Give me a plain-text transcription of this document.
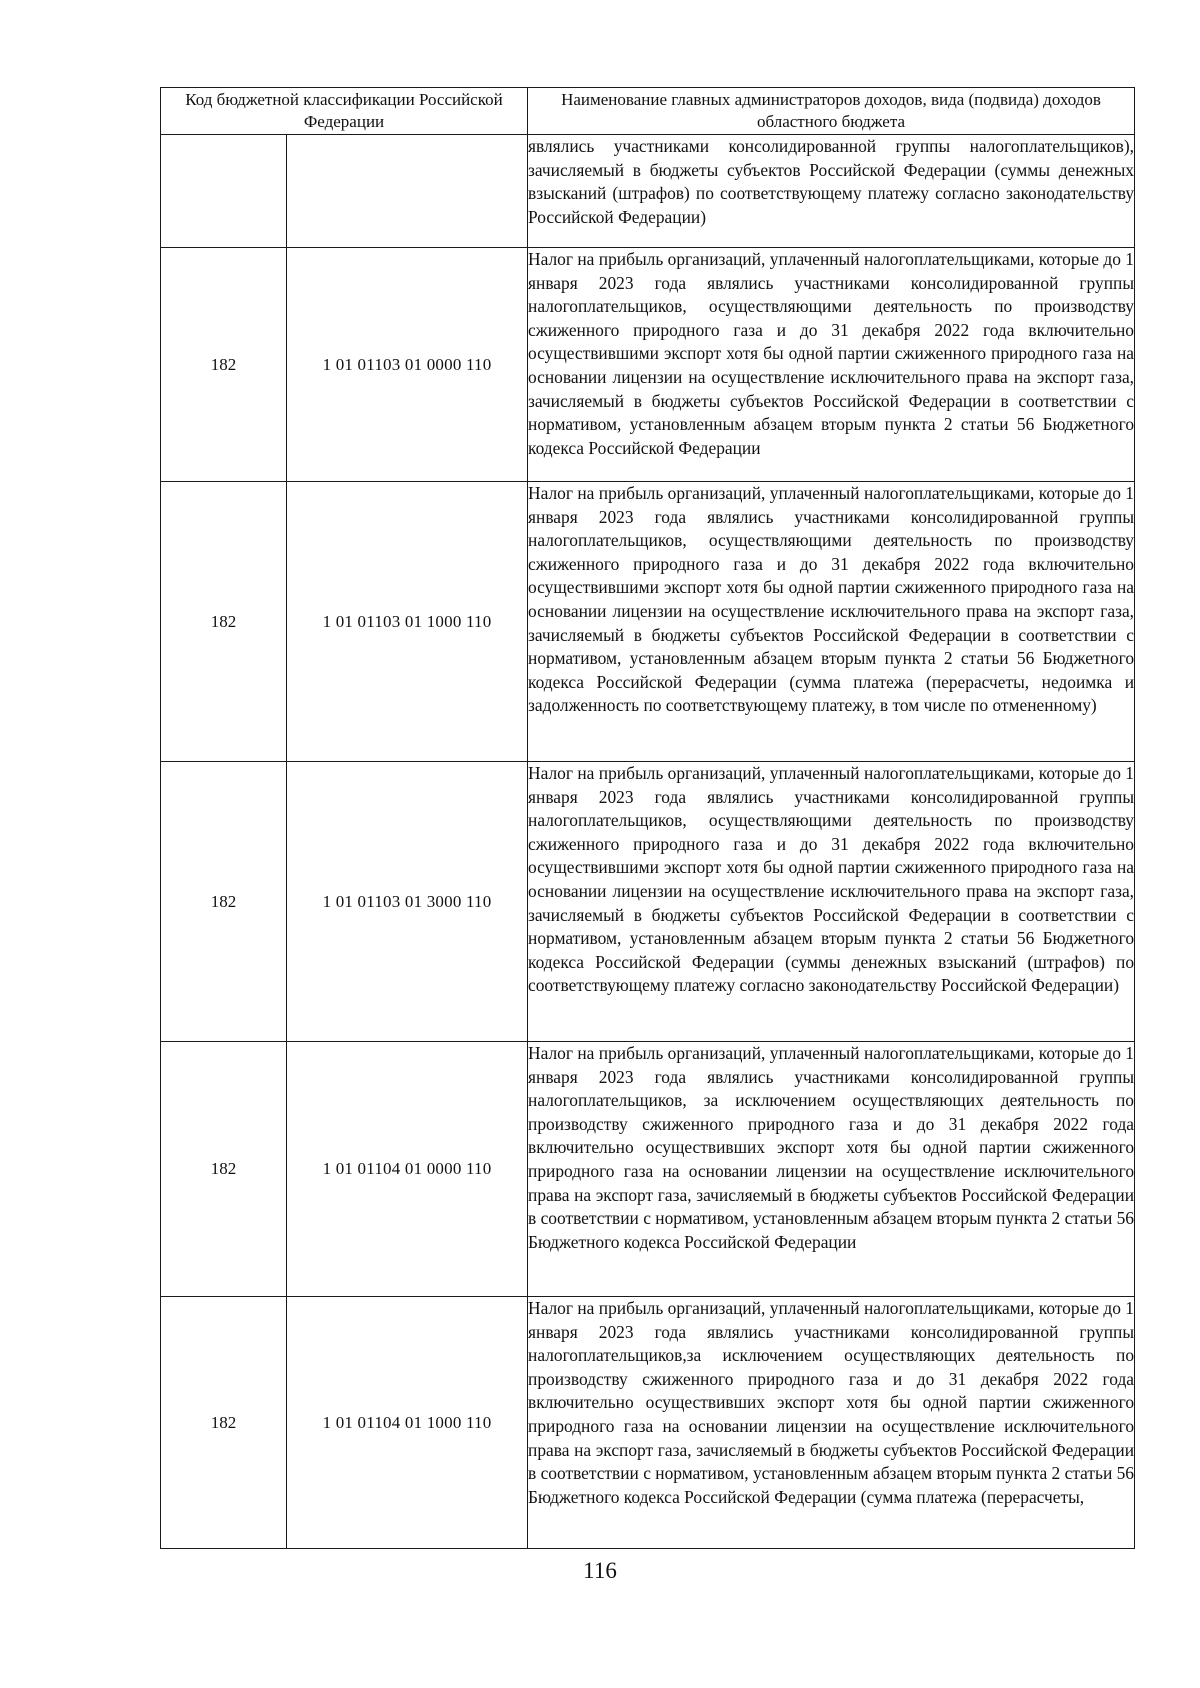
Код бюджетной классификации Российской Федерации		Наименование главных администраторов доходов, вида (подвида) доходов областного бюджета
		являлись участниками консолидированной группы налогоплательщиков), зачисляемый в бюджеты субъектов Российской Федерации (суммы денежных взысканий (штрафов) по соответствующему платежу согласно законодательству Российской Федерации)
182	1 01 01103 01 0000 110	Налог на прибыль организаций, уплаченный налогоплательщиками, которые до 1 января 2023 года являлись участниками консолидированной группы налогоплательщиков, осуществляющими деятельность по производству сжиженного природного газа и до 31 декабря 2022 года включительно осуществившими экспорт хотя бы одной партии сжиженного природного газа на основании лицензии на осуществление исключительного права на экспорт газа, зачисляемый в бюджеты субъектов Российской Федерации в соответствии с нормативом, установленным абзацем вторым пункта 2 статьи 56 Бюджетного кодекса Российской Федерации
182	1 01 01103 01 1000 110	Налог на прибыль организаций, уплаченный налогоплательщиками, которые до 1 января 2023 года являлись участниками консолидированной группы налогоплательщиков, осуществляющими деятельность по производству сжиженного природного газа и до 31 декабря 2022 года включительно осуществившими экспорт хотя бы одной партии сжиженного природного газа на основании лицензии на осуществление исключительного права на экспорт газа, зачисляемый в бюджеты субъектов Российской Федерации в соответствии с нормативом, установленным абзацем вторым пункта 2 статьи 56 Бюджетного кодекса Российской Федерации (сумма платежа (перерасчеты, недоимка и задолженность по соответствующему платежу, в том числе по отмененному)
182	1 01 01103 01 3000 110	Налог на прибыль организаций, уплаченный налогоплательщиками, которые до 1 января 2023 года являлись участниками консолидированной группы налогоплательщиков, осуществляющими деятельность по производству сжиженного природного газа и до 31 декабря 2022 года включительно осуществившими экспорт хотя бы одной партии сжиженного природного газа на основании лицензии на осуществление исключительного права на экспорт газа, зачисляемый в бюджеты субъектов Российской Федерации в соответствии с нормативом, установленным абзацем вторым пункта 2 статьи 56 Бюджетного кодекса Российской Федерации (суммы денежных взысканий (штрафов) по соответствующему платежу согласно законодательству Российской Федерации)
182	1 01 01104 01 0000 110	Налог на прибыль организаций, уплаченный налогоплательщиками, которые до 1 января 2023 года являлись участниками консолидированной группы налогоплательщиков, за исключением осуществляющих деятельность по производству сжиженного природного газа и до 31 декабря 2022 года включительно осуществивших экспорт хотя бы одной партии сжиженного природного газа на основании лицензии на осуществление исключительного права на экспорт газа, зачисляемый в бюджеты субъектов Российской Федерации в соответствии с нормативом, установленным абзацем вторым пункта 2 статьи 56 Бюджетного кодекса Российской Федерации
182	1 01 01104 01 1000 110	Налог на прибыль организаций, уплаченный налогоплательщиками, которые до 1 января 2023 года являлись участниками консолидированной группы налогоплательщиков,за исключением осуществляющих деятельность по производству сжиженного природного газа и до 31 декабря 2022 года включительно осуществивших экспорт хотя бы одной партии сжиженного природного газа на основании лицензии на осуществление исключительного права на экспорт газа, зачисляемый в бюджеты субъектов Российской Федерации в соответствии с нормативом, установленным абзацем вторым пункта 2 статьи 56 Бюджетного кодекса Российской Федерации (сумма платежа (перерасчеты,
116
